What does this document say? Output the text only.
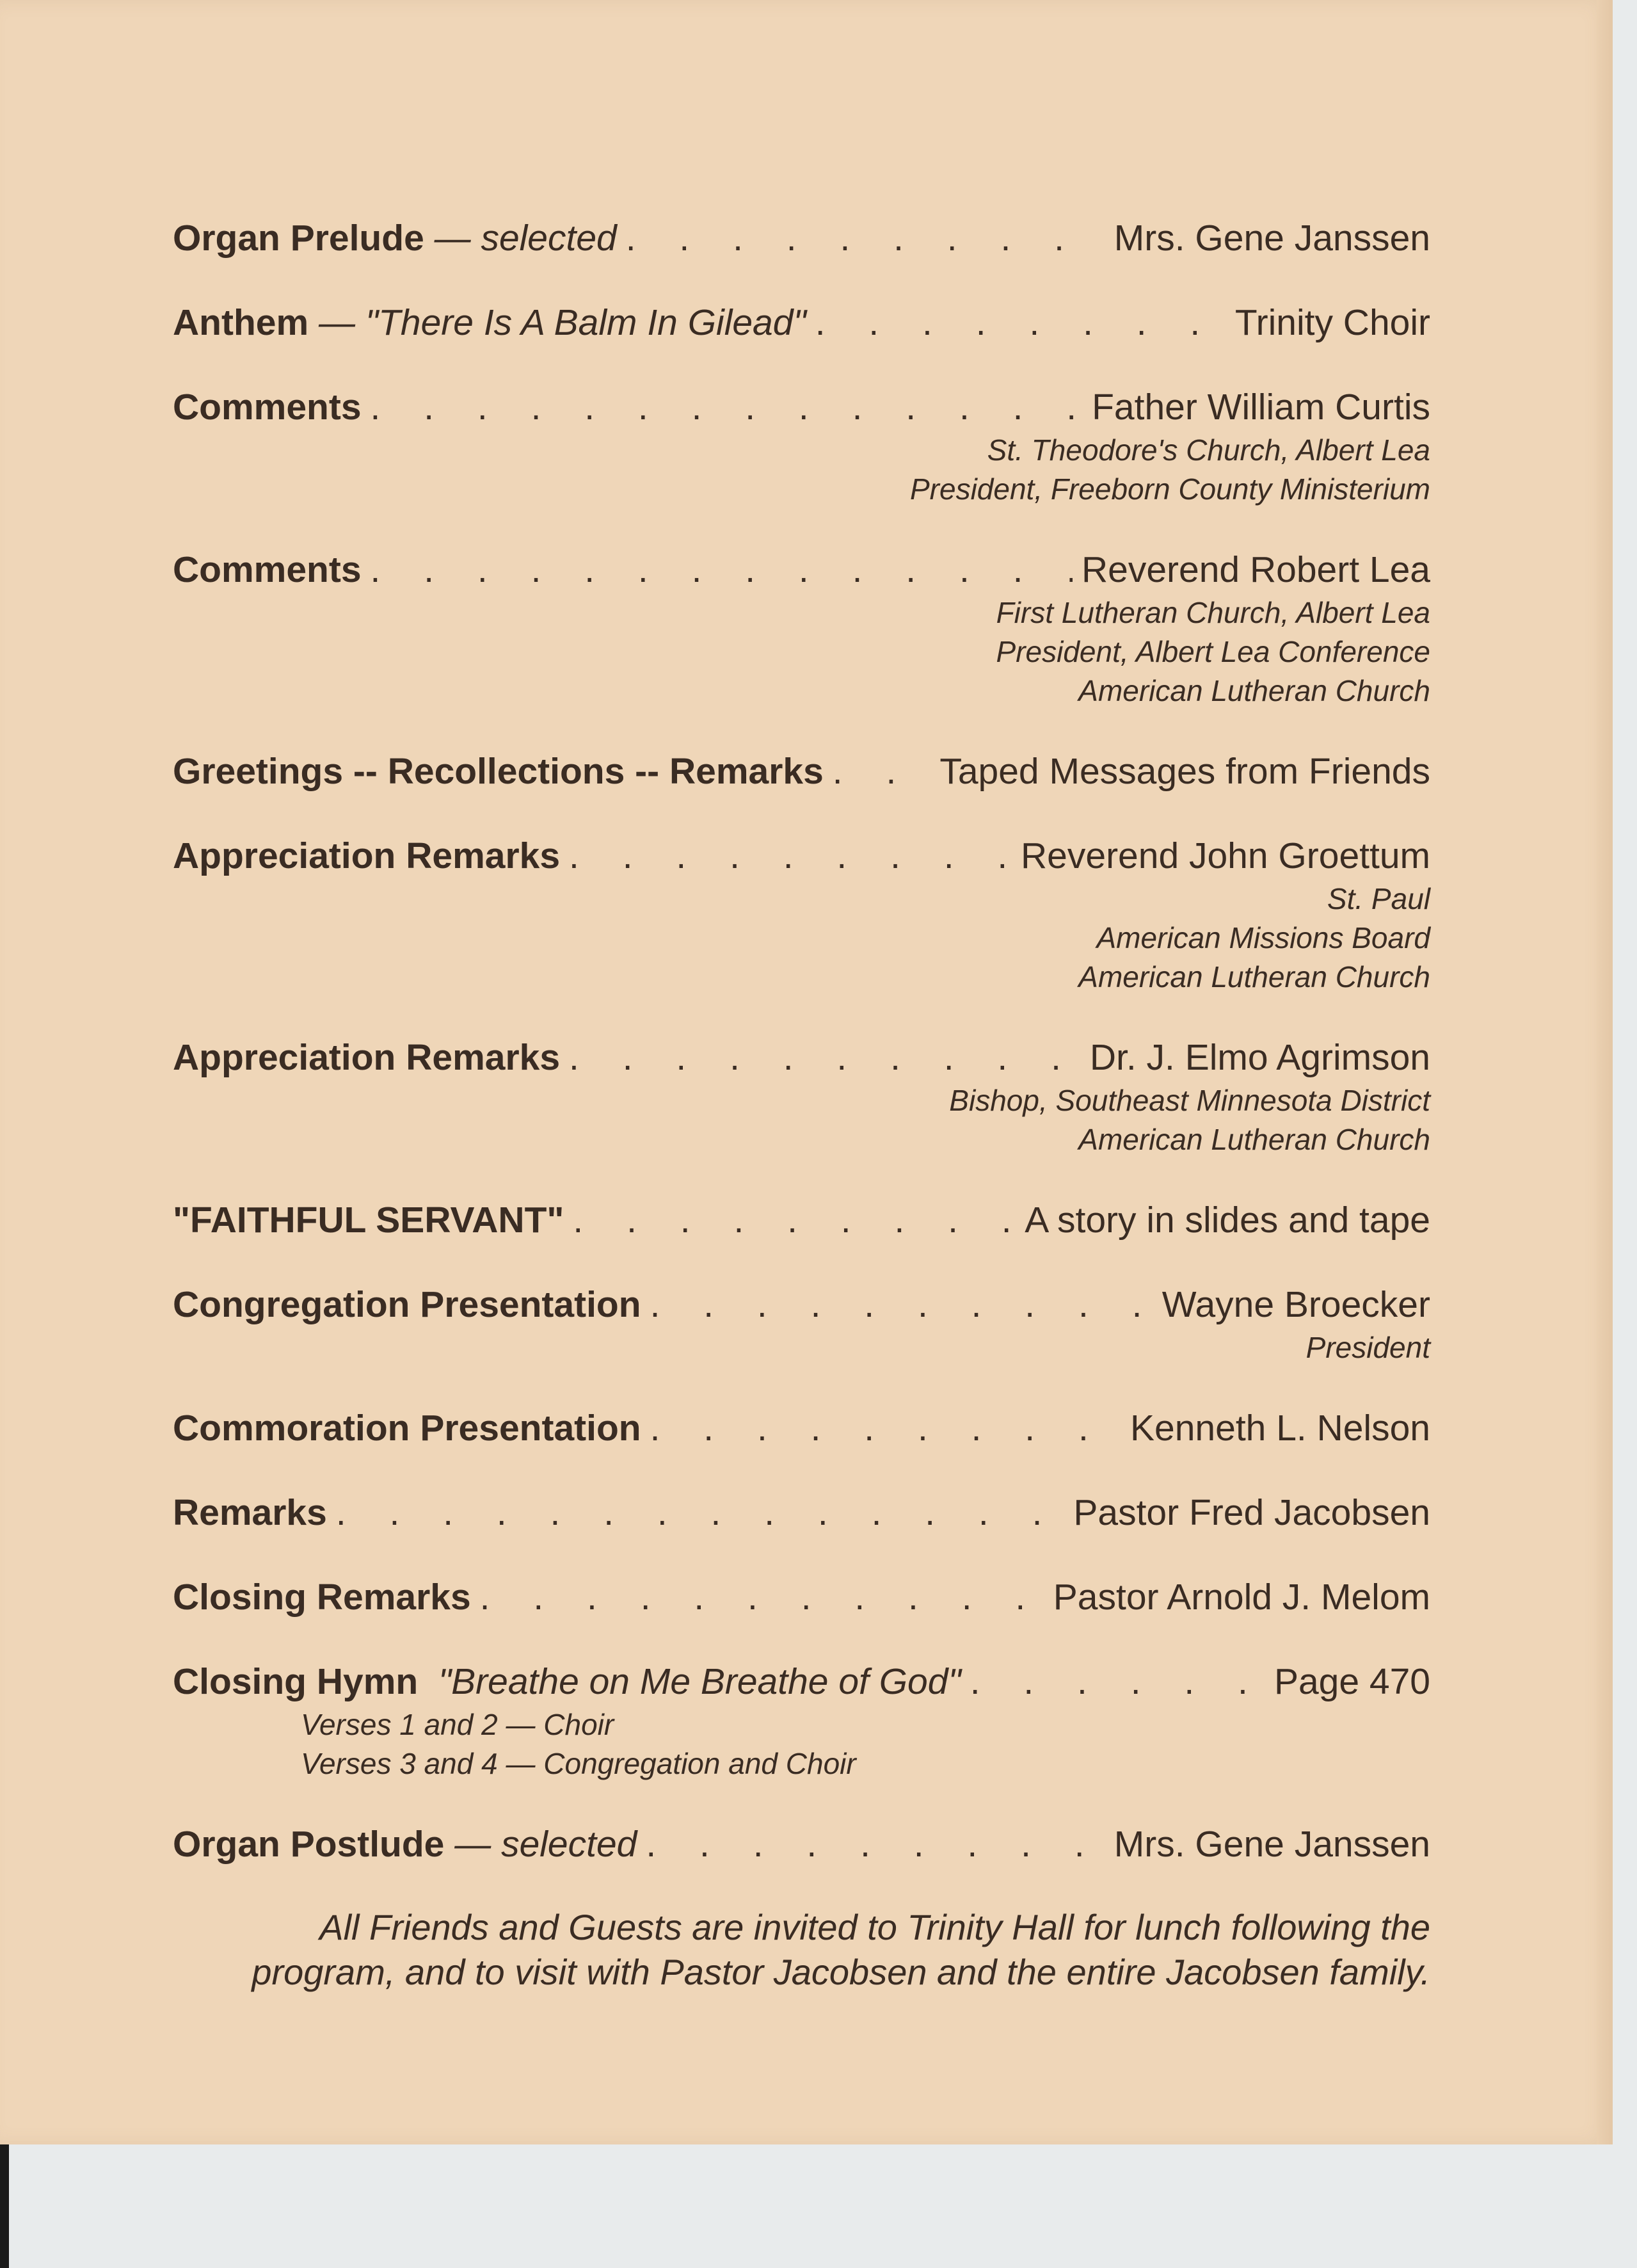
Organ Prelude — selected . . .	Mrs. Gene Janssen
Anthem — "There Is A Balm In Gilead" . . .	Trinity Choir
Comments . . .	Father William Curtis
St. Theodore's Church, Albert Lea
President, Freeborn County Ministerium
Comments . . .	Reverend Robert Lea
First Lutheran Church, Albert Lea
President, Albert Lea Conference
American Lutheran Church
Greetings -- Recollections -- Remarks . . .	Taped Messages from Friends
Appreciation Remarks . . .	Reverend John Groettum
St. Paul
American Missions Board
American Lutheran Church
Appreciation Remarks . . .	Dr. J. Elmo Agrimson
Bishop, Southeast Minnesota District
American Lutheran Church
"FAITHFUL SERVANT" . . .	A story in slides and tape
Congregation Presentation . . .	Wayne Broecker
President
Commoration Presentation . . .	Kenneth L. Nelson
Remarks . . .	Pastor Fred Jacobsen
Closing Remarks . . .	Pastor Arnold J. Melom
Closing Hymn "Breathe on Me Breathe of God" . . .	Page 470
Verses 1 and 2 — Choir
Verses 3 and 4 — Congregation and Choir
Organ Postlude — selected . . .	Mrs. Gene Janssen
All Friends and Guests are invited to Trinity Hall for lunch following the
program, and to visit with Pastor Jacobsen and the entire Jacobsen family.
